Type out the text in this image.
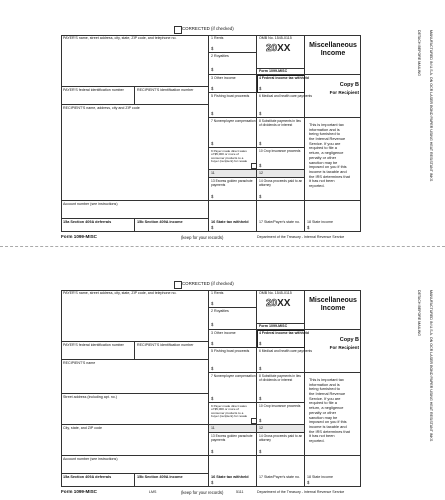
CORRECTED (if checked)
PAYER'S name, street address, city, state, ZIP code, and telephone no.
PAYER'S federal identification number	RECIPIENT'S identification number
RECIPIENT'S name, address, city and ZIP code
Account number (see instructions)
15a Section 409A deferrals	15b Section 409A income
1 Rents
$
OMB No. 1545-0115
20XX
Form 1099-MISC
2 Royalties
$
3 Other income
$
4 Federal income tax withheld
$
5 Fishing boat proceeds
$
6 Medical and health care payments
$
7 Nonemployee compensation
$
8 Substitute payments in lieu of dividends or interest
$
9 Payer made direct sales of $5,000 or more of consumer products to a buyer (recipient) for resale
10 Crop insurance proceeds
$
11	12
13 Excess golden parachute payments
$
14 Gross proceeds paid to an attorney
$
16 State tax withheld
$
17 State/Payer's state no. 18 State income
$
Miscellaneous
Income
Copy B
For Recipient
This is important tax
information and is
being furnished to
the Internal Revenue
Service. If you are
required to file a
return, a negligence
penalty or other
sanction may be
imposed on you if this
income is taxable and
the IRS determines that
it has not been
reported.
Form 1099-MISC	(keep for your records)	Department of the Treasury - Internal Revenue Service
DETACH BEFORE MAILING MANUFACTURED IN U.S.A. ON OCR LASER BOND PAPER USING HEAT RESISTANT INKS
CORRECTED (if checked)
PAYER'S name, street address, city, state, ZIP code, and telephone no.
PAYER'S federal identification number	RECIPIENT'S identification number
RECIPIENT'S name
Street address (including apt. no.)
City, state, and ZIP code
Account number (see instructions)
15a Section 409A deferrals	15b Section 409A income
1 Rents
$
OMB No. 1545-0115
20XX
Form 1099-MISC
2 Royalties
$
3 Other income
$
4 Federal income tax withheld
$
5 Fishing boat proceeds
$
6 Medical and health care payments
$
7 Nonemployee compensation
$
8 Substitute payments in lieu of dividends or interest
$
9 Payer made direct sales of $5,000 or more of consumer products to a buyer (recipient) for resale
10 Crop insurance proceeds
$
11	12
13 Excess golden parachute payments
$
14 Gross proceeds paid to an attorney
$
16 State tax withheld
$
17 State/Payer's state no. 18 State income
$
Miscellaneous
Income
Copy B
For Recipient
This is important tax
information and is
being furnished to
the Internal Revenue
Service. If you are
required to file a
return, a negligence
penalty or other
sanction may be
imposed on you if this
income is taxable and
the IRS determines that
it has not been
reported.
Form 1099-MISC	LMS	(keep for your records)	5111	Department of the Treasury - Internal Revenue Service
DETACH BEFORE MAILING MANUFACTURED IN U.S.A. ON OCR LASER BOND PAPER USING HEAT RESISTANT INKS
